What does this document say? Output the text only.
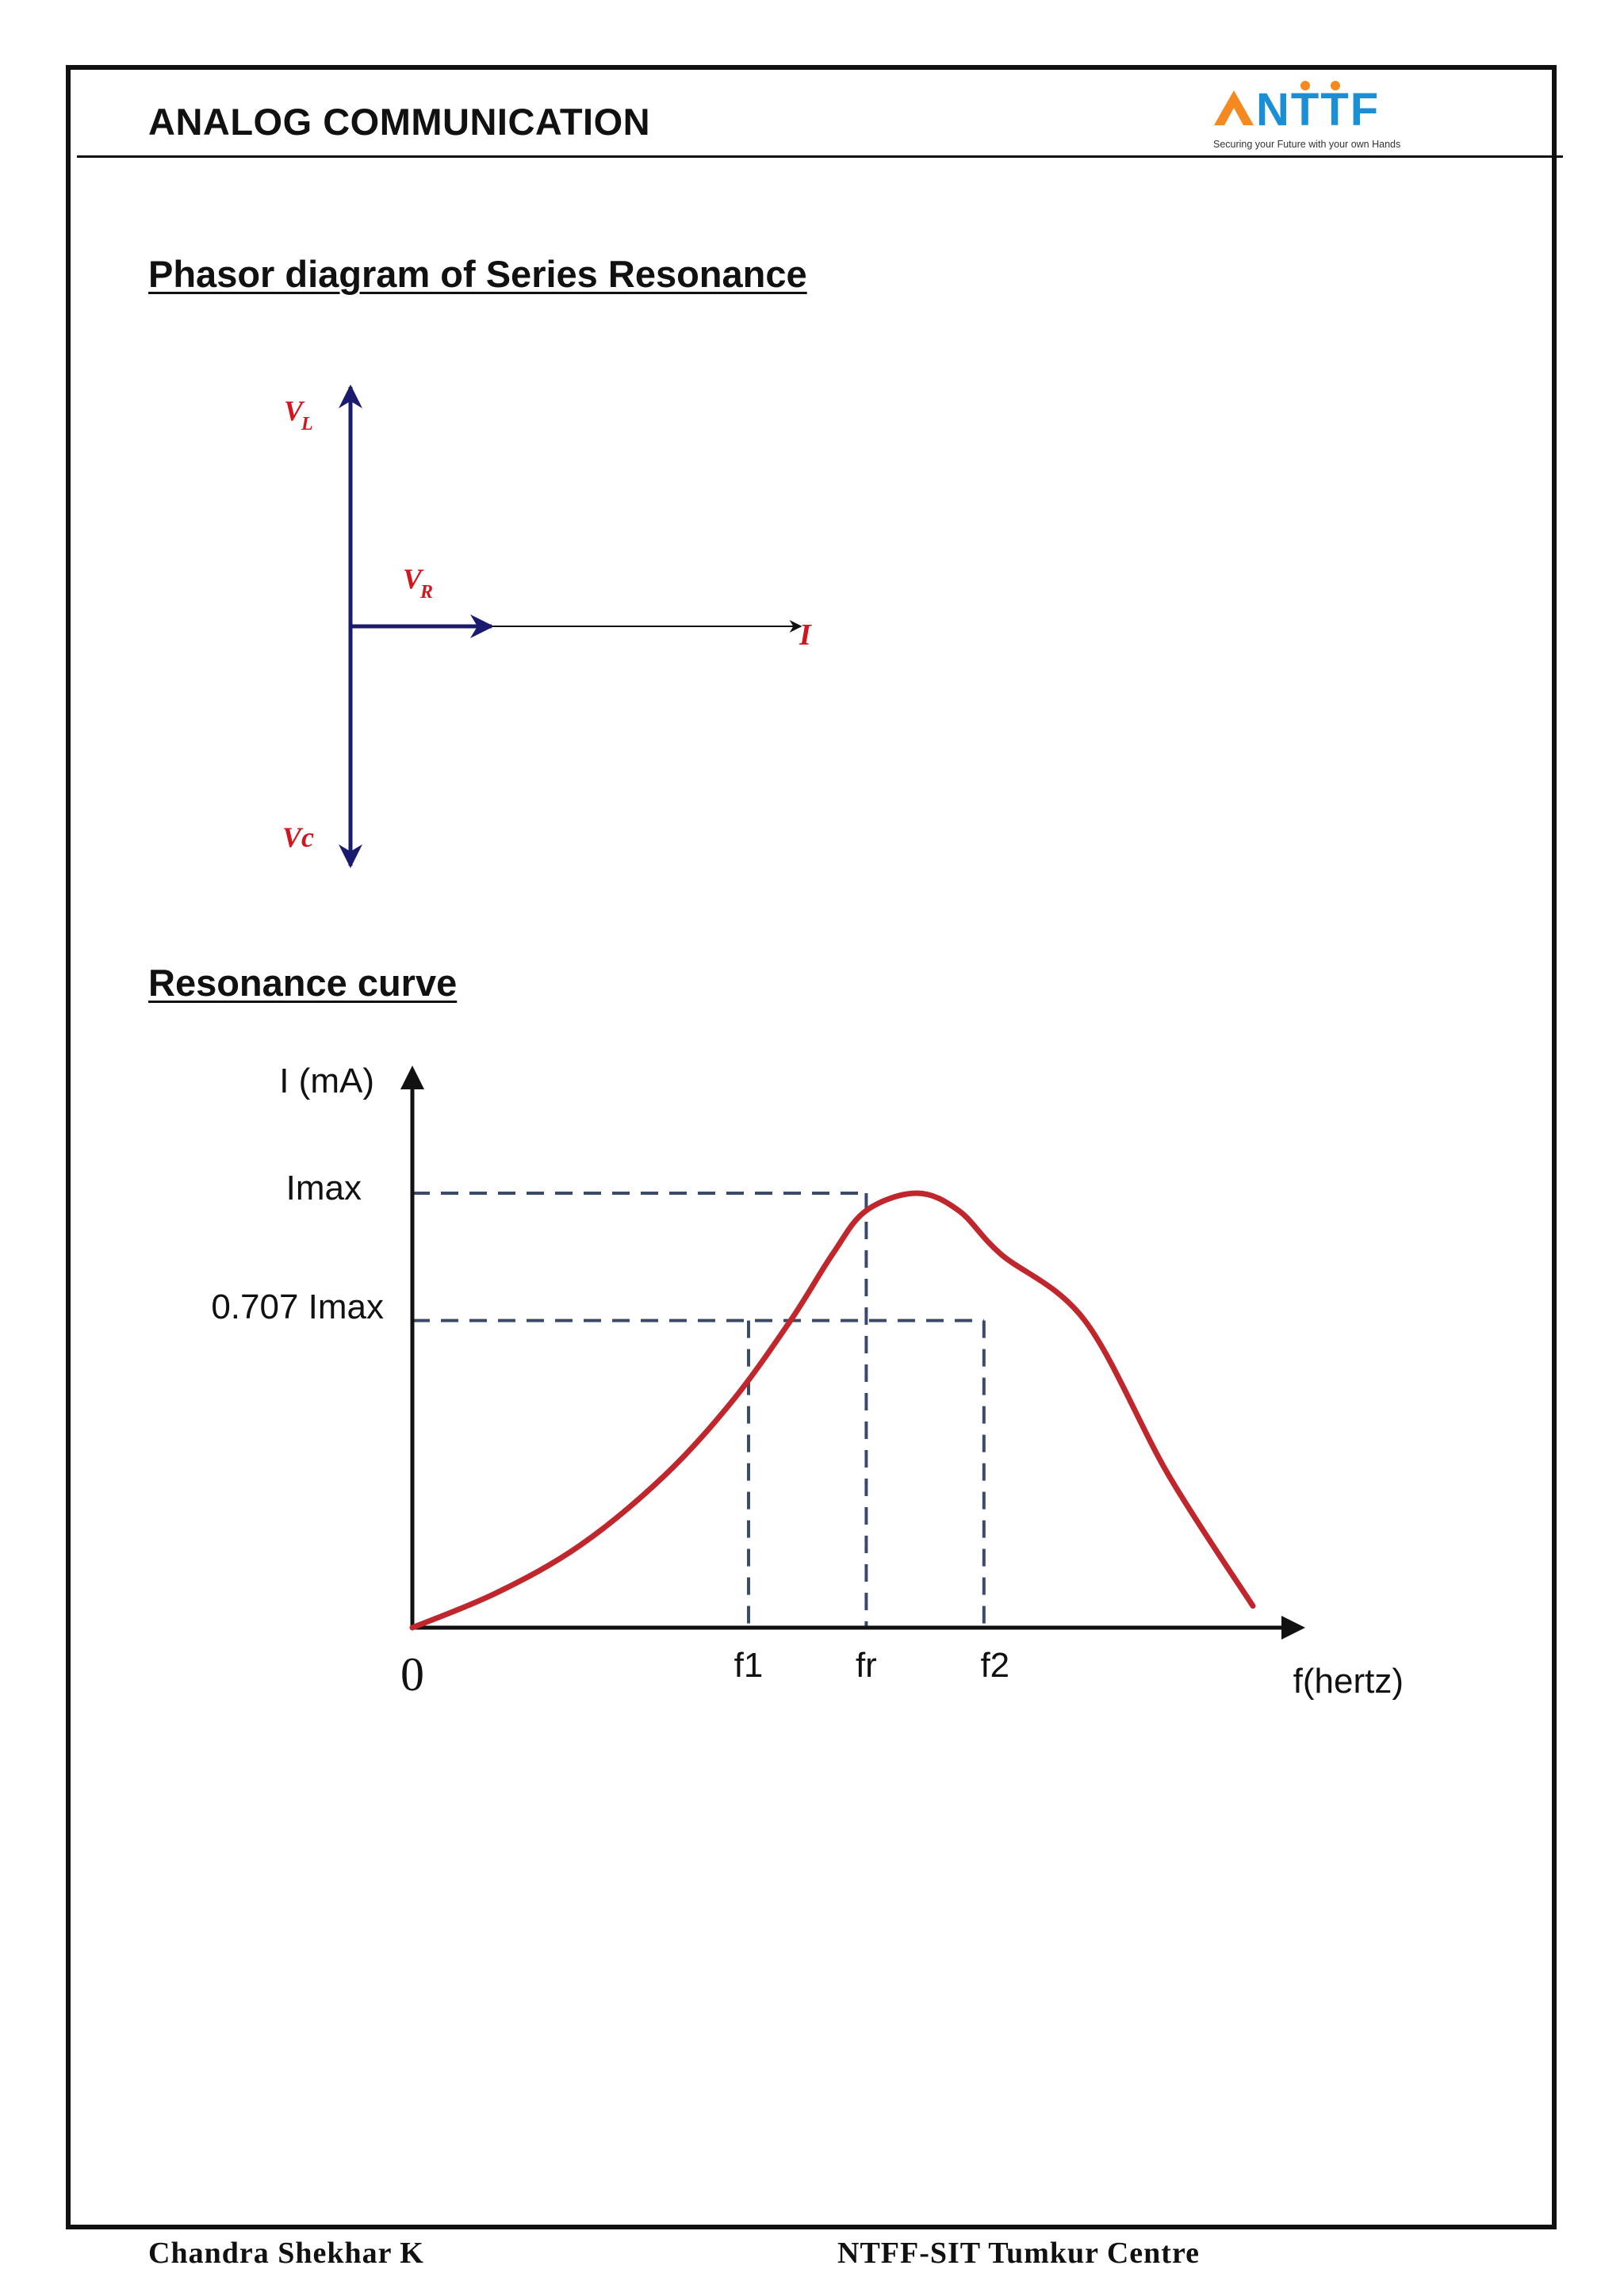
ANALOG COMMUNICATION	NTTF
Securing your Future with your own Hands
Phasor diagram of Series Resonance
VL
VR
I
Vc
Resonance curve
I (mA)
Imax
0.707 Imax
0	f1	fr	f2	f(hertz)
Chandra Shekhar K	NTFF-SIT Tumkur Centre
